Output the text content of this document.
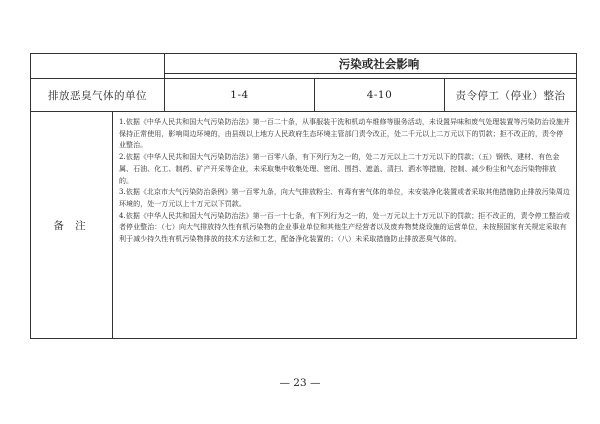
污染或社会影响
排放恶臭气体的单位	1-4	4-10	责令停工（停业）整治
备 注

1.依据《中华人民共和国大气污染防治法》第一百二十条，从事服装干洗和机动车维修等服务活动，未设置异味和废气处理装置等污染防治设施并保持正常使用，影响周边环境的，由县级以上地方人民政府生态环境主管部门责令改正，处二千元以上二万元以下的罚款；拒不改正的，责令停业整治。

2.依据《中华人民共和国大气污染防治法》第一百零八条，有下列行为之一的，处二万元以上二十万元以下的罚款；（五）钢铁、建材、有色金属、石油、化工、制药、矿产开采等企业，未采取集中收集处理、密闭、围挡、遮盖、清扫、洒水等措施，控制、减少粉尘和气态污染物排放的。

3.依据《北京市大气污染防治条例》第一百零九条，向大气排放粉尘、有毒有害气体的单位，未安装净化装置或者采取其他措施防止排放污染周边环境的，处一万元以上十万元以下罚款。

4.依据《中华人民共和国大气污染防治法》第一百一十七条，有下列行为之一的，处一万元以上十万元以下的罚款；拒不改正的，责令停工整治或者停业整治：（七）向大气排放持久性有机污染物的企业事业单位和其他生产经营者以及废弃物焚烧设施的运营单位，未按照国家有关规定采取有利于减少持久性有机污染物排放的技术方法和工艺，配备净化装置的；（八）未采取措施防止排放恶臭气体的。

— 23 —
